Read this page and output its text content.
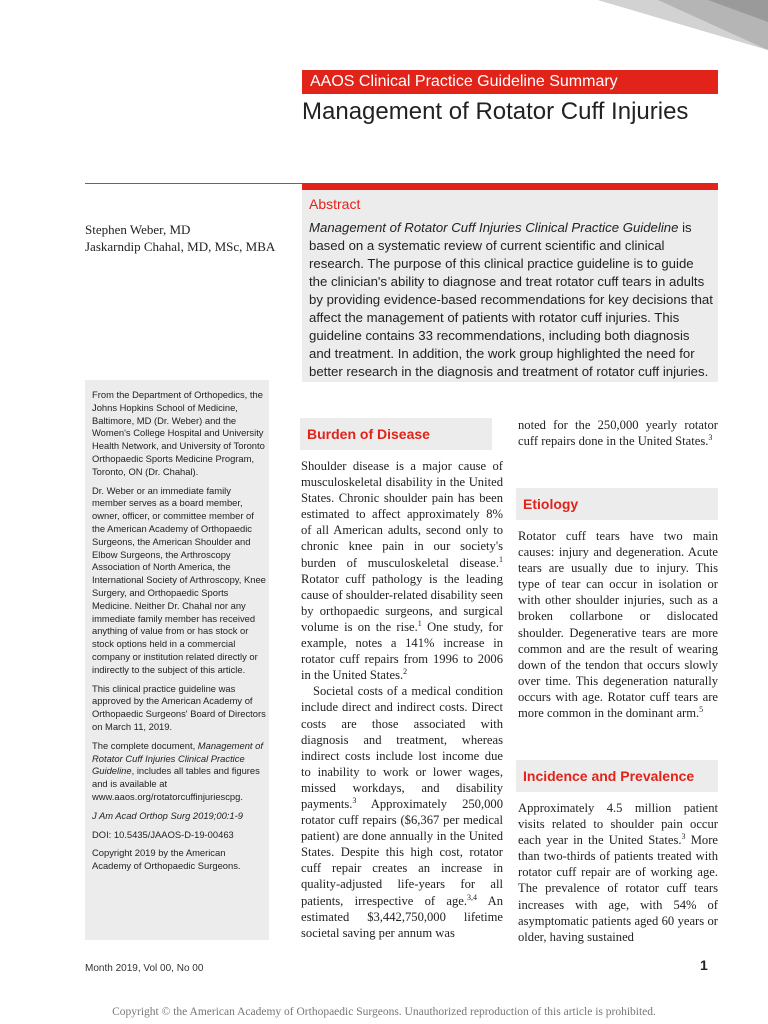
AAOS Clinical Practice Guideline Summary
Management of Rotator Cuff Injuries
Abstract
Management of Rotator Cuff Injuries Clinical Practice Guideline is based on a systematic review of current scientific and clinical research. The purpose of this clinical practice guideline is to guide the clinician's ability to diagnose and treat rotator cuff tears in adults by providing evidence-based recommendations for key decisions that affect the management of patients with rotator cuff injuries. This guideline contains 33 recommendations, including both diagnosis and treatment. In addition, the work group highlighted the need for better research in the diagnosis and treatment of rotator cuff injuries.
Stephen Weber, MD
Jaskarndip Chahal, MD, MSc, MBA

From the Department of Orthopedics, the Johns Hopkins School of Medicine, Baltimore, MD (Dr. Weber) and the Women's College Hospital and University Health Network, and University of Toronto Orthopaedic Sports Medicine Program, Toronto, ON (Dr. Chahal).

Dr. Weber or an immediate family member serves as a board member, owner, officer, or committee member of the American Academy of Orthopaedic Surgeons, the American Shoulder and Elbow Surgeons, the Arthroscopy Association of North America, the International Society of Arthroscopy, Knee Surgery, and Orthopaedic Sports Medicine. Neither Dr. Chahal nor any immediate family member has received anything of value from or has stock or stock options held in a commercial company or institution related directly or indirectly to the subject of this article.

This clinical practice guideline was approved by the American Academy of Orthopaedic Surgeons' Board of Directors on March 11, 2019.

The complete document, Management of Rotator Cuff Injuries Clinical Practice Guideline, includes all tables and figures and is available at www.aaos.org/rotatorcuffinjuriescpg.

J Am Acad Orthop Surg 2019;00:1-9

DOI: 10.5435/JAAOS-D-19-00463

Copyright 2019 by the American Academy of Orthopaedic Surgeons.

Burden of Disease

Shoulder disease is a major cause of musculoskeletal disability in the United States. Chronic shoulder pain has been estimated to affect approximately 8% of all American adults, second only to chronic knee pain in our society's burden of musculoskeletal disease.$^1$ Rotator cuff pathology is the leading cause of shoulder-related disability seen by orthopaedic surgeons, and surgical volume is on the rise.$^1$ One study, for example, notes a 141% increase in rotator cuff repairs from 1996 to 2006 in the United States.$^2$

Societal costs of a medical condition include direct and indirect costs. Direct costs are those associated with diagnosis and treatment, whereas indirect costs include lost income due to inability to work or lower wages, missed workdays, and disability payments.$^3$ Approximately 250,000 rotator cuff repairs ($6,367 per medical patient) are done annually in the United States. Despite this high cost, rotator cuff repair creates an increase in quality-adjusted life-years for all patients, irrespective of age.$^{3,4}$ An estimated $3,442,750,000 lifetime societal saving per annum was

noted for the 250,000 yearly rotator cuff repairs done in the United States.$^3$

Etiology

Rotator cuff tears have two main causes: injury and degeneration. Acute tears are usually due to injury. This type of tear can occur in isolation or with other shoulder injuries, such as a broken collarbone or dislocated shoulder. Degenerative tears are more common and are the result of wearing down of the tendon that occurs slowly over time. This degeneration naturally occurs with age. Rotator cuff tears are more common in the dominant arm.$^5$

Incidence and Prevalence

Approximately 4.5 million patient visits related to shoulder pain occur each year in the United States.$^3$ More than two-thirds of patients treated with rotator cuff repair are of working age. The prevalence of rotator cuff tears increases with age, with 54% of asymptomatic patients aged 60 years or older, having sustained

Month 2019, Vol 00, No 00	1
Copyright © the American Academy of Orthopaedic Surgeons. Unauthorized reproduction of this article is prohibited.
